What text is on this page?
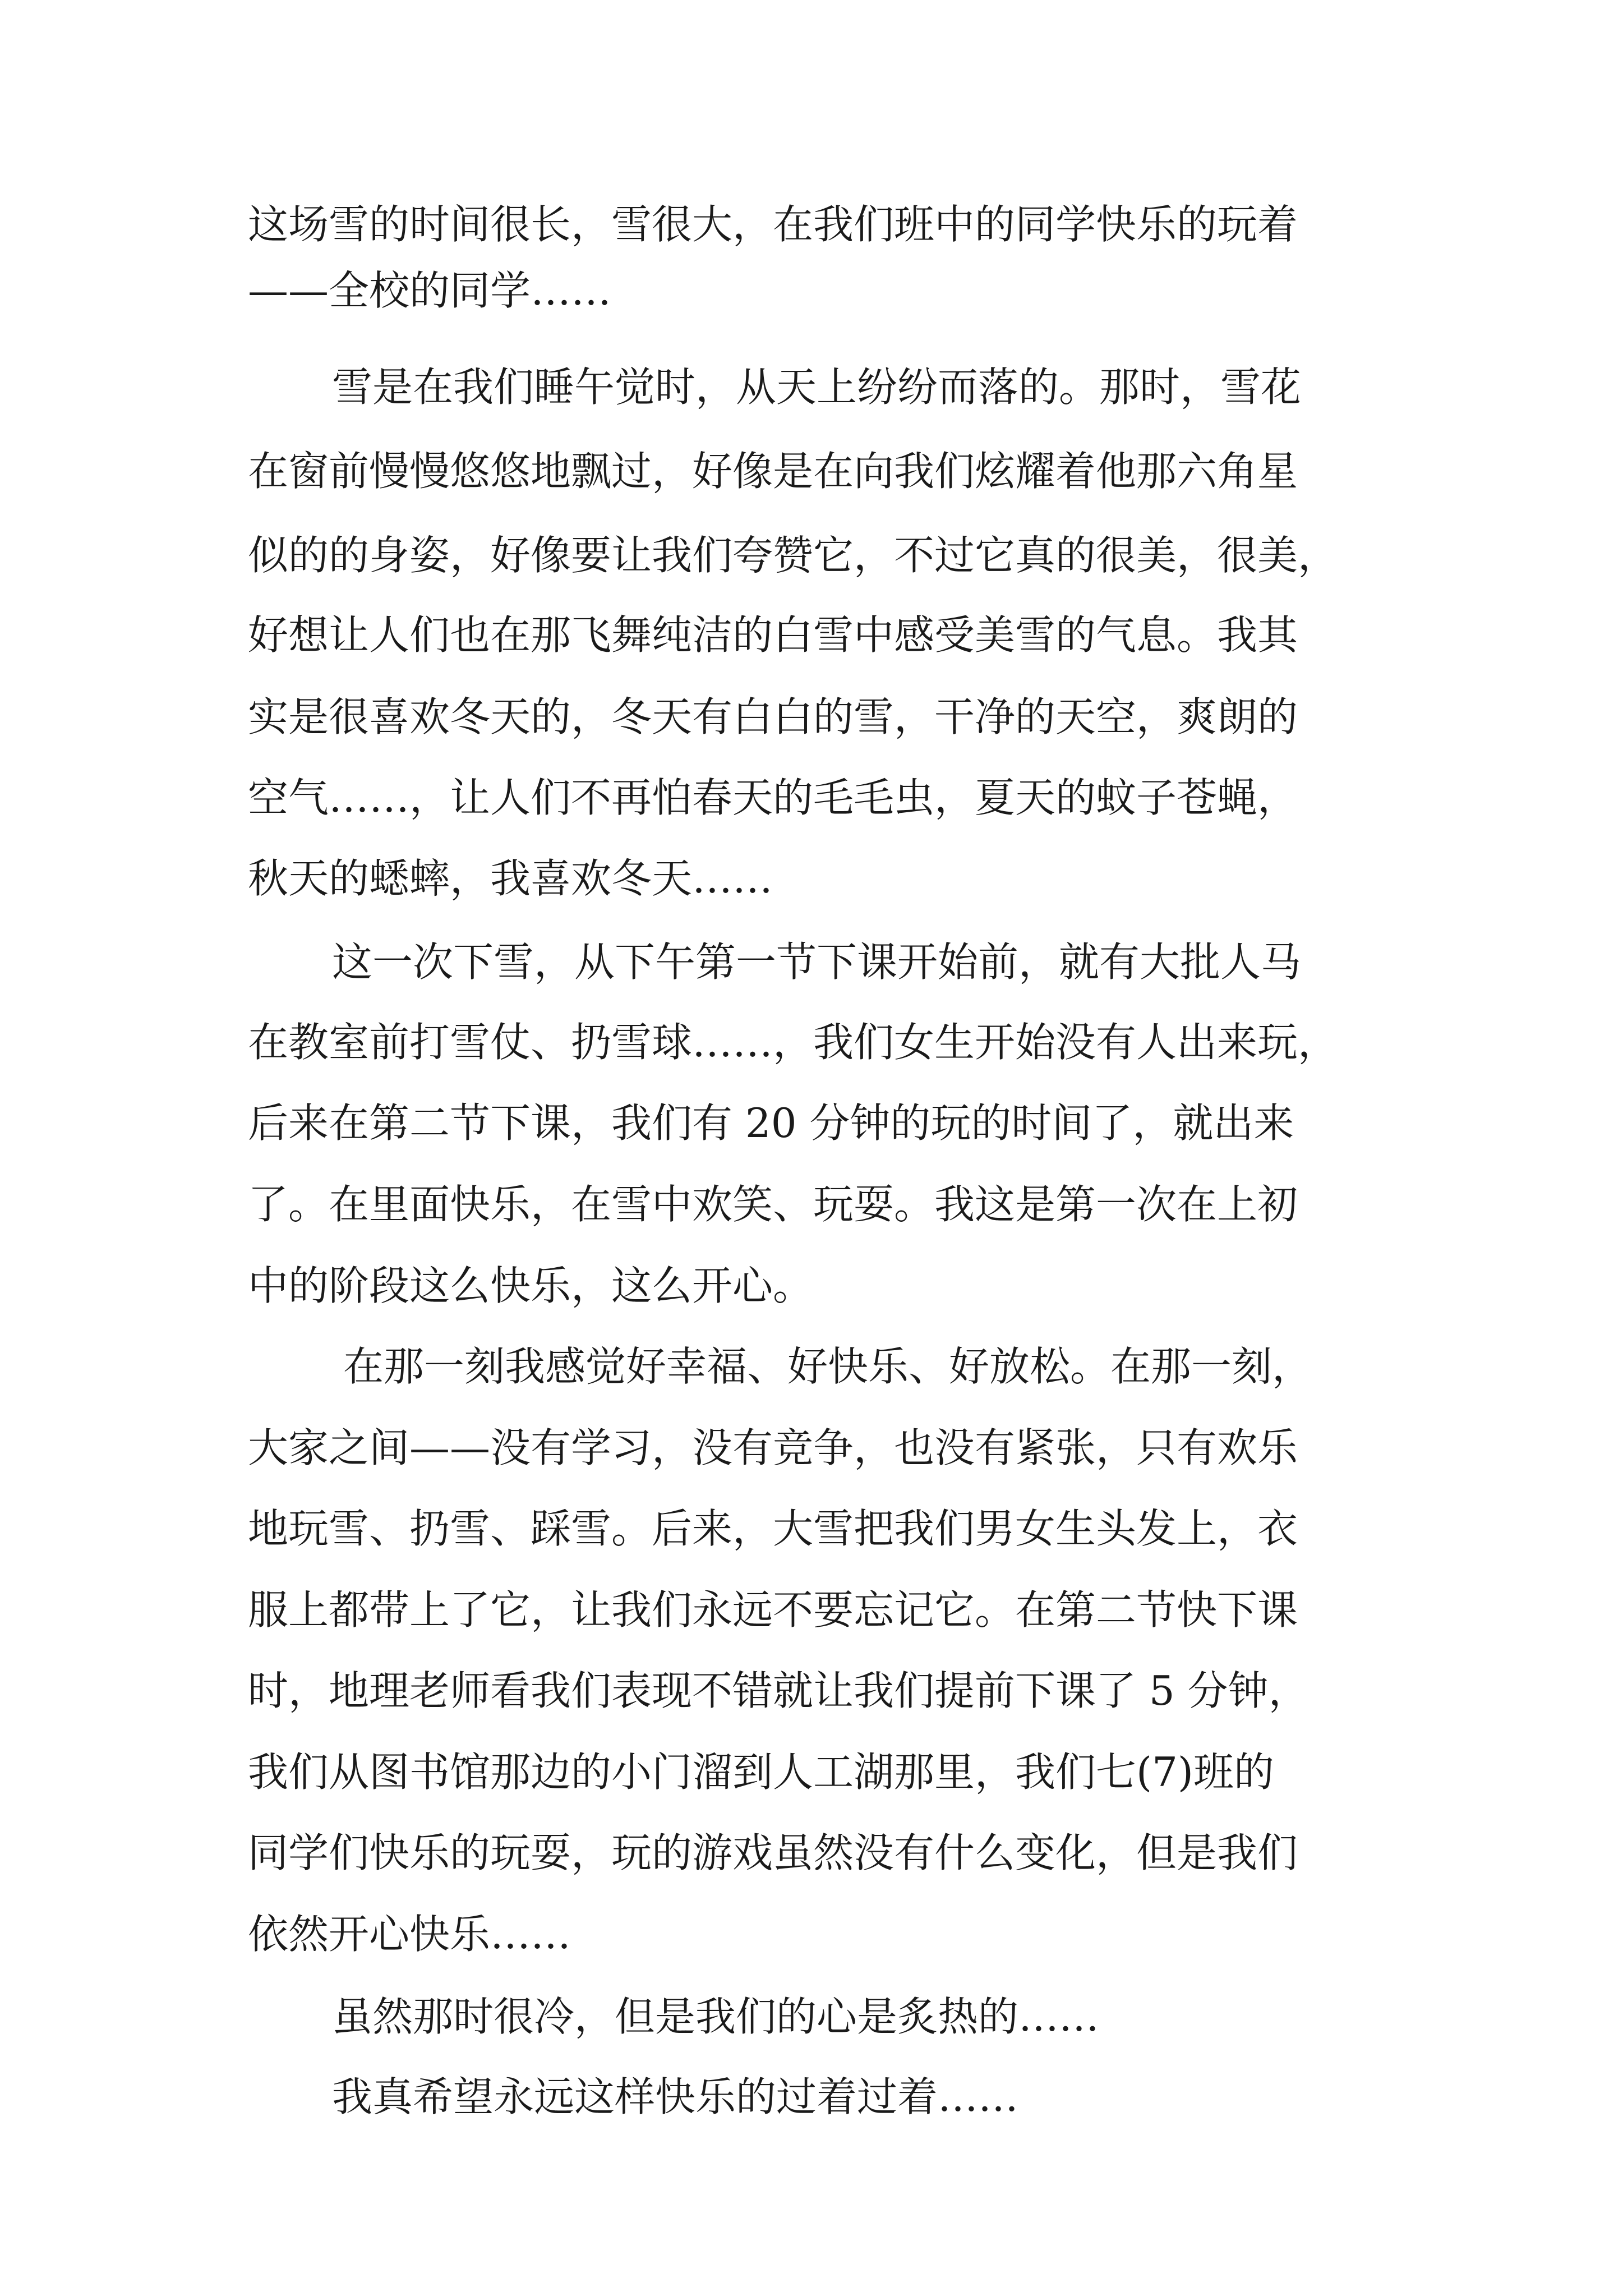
这场雪的时间很长，雪很大，在我们班中的同学快乐的玩着
——全校的同学……
雪是在我们睡午觉时，从天上纷纷而落的。那时，雪花
在窗前慢慢悠悠地飘过，好像是在向我们炫耀着他那六角星
似的的身姿，好像要让我们夸赞它，不过它真的很美，很美，
好想让人们也在那飞舞纯洁的白雪中感受美雪的气息。我其
实是很喜欢冬天的，冬天有白白的雪，干净的天空，爽朗的
空气……，让人们不再怕春天的毛毛虫，夏天的蚊子苍蝇，
秋天的蟋蟀，我喜欢冬天……
这一次下雪，从下午第一节下课开始前，就有大批人马
在教室前打雪仗、扔雪球……，我们女生开始没有人出来玩，
后来在第二节下课，我们有 20 分钟的玩的时间了，就出来
了。在里面快乐，在雪中欢笑、玩耍。我这是第一次在上初
中的阶段这么快乐，这么开心。
在那一刻我感觉好幸福、好快乐、好放松。在那一刻，
大家之间——没有学习，没有竞争，也没有紧张，只有欢乐
地玩雪、扔雪、踩雪。后来，大雪把我们男女生头发上，衣
服上都带上了它，让我们永远不要忘记它。在第二节快下课
时，地理老师看我们表现不错就让我们提前下课了 5 分钟，
我们从图书馆那边的小门溜到人工湖那里，我们七(7)班的
同学们快乐的玩耍，玩的游戏虽然没有什么变化，但是我们
依然开心快乐……
虽然那时很冷，但是我们的心是炙热的……
我真希望永远这样快乐的过着过着……
